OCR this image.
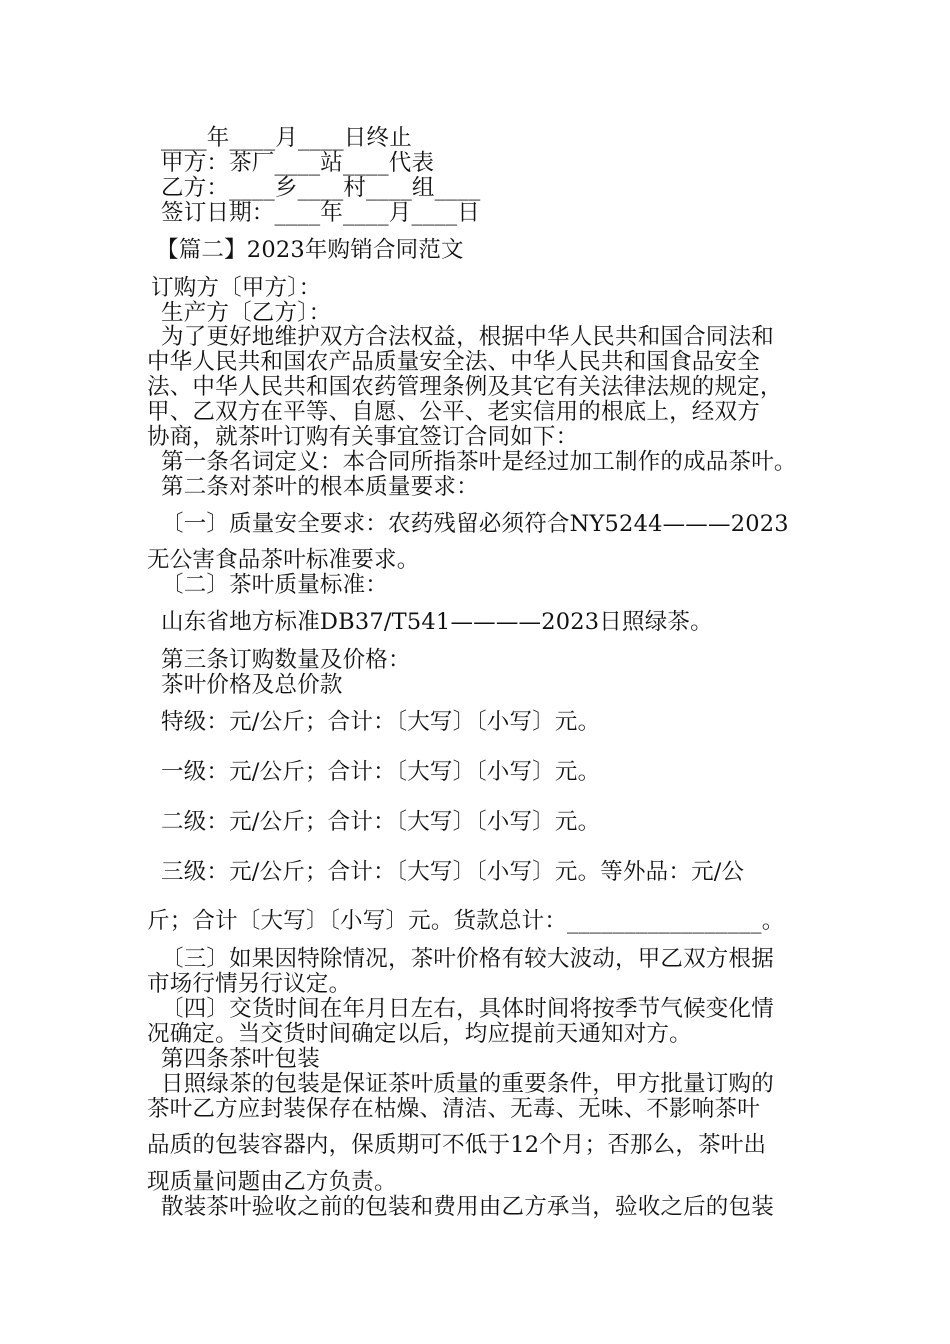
____年____月____日终止

甲方：茶厂____站____代表

乙方：____乡____村____组____

签订日期：____年____月____日

【篇二】2023年购销合同范文

订购方〔甲方〕：

生产方〔乙方〕：

为了更好地维护双方合法权益，根据中华人民共和国合同法和

中华人民共和国农产品质量安全法、中华人民共和国食品安全

法、中华人民共和国农药管理条例及其它有关法律法规的规定，

甲、乙双方在平等、自愿、公平、老实信用的根底上，经双方

协商，就茶叶订购有关事宜签订合同如下：

第一条名词定义：本合同所指茶叶是经过加工制作的成品茶叶。

第二条对茶叶的根本质量要求：

〔一〕质量安全要求：农药残留必须符合NY5244———2023

无公害食品茶叶标准要求。

〔二〕茶叶质量标准：

山东省地方标准DB37/T541————2023日照绿茶。

第三条订购数量及价格：

茶叶价格及总价款

特级：元/公斤；合计：〔大写〕〔小写〕元。

一级：元/公斤；合计：〔大写〕〔小写〕元。

二级：元/公斤；合计：〔大写〕〔小写〕元。

三级：元/公斤；合计：〔大写〕〔小写〕元。等外品：元/公

斤；合计〔大写〕〔小写〕元。货款总计：_________________。

〔三〕如果因特除情况，茶叶价格有较大波动，甲乙双方根据

市场行情另行议定。

〔四〕交货时间在年月日左右，具体时间将按季节气候变化情

况确定。当交货时间确定以后，均应提前天通知对方。

第四条茶叶包装

日照绿茶的包装是保证茶叶质量的重要条件，甲方批量订购的

茶叶乙方应封装保存在枯燥、清洁、无毒、无味、不影响茶叶

品质的包装容器内，保质期可不低于12个月；否那么，茶叶出

现质量问题由乙方负责。

散装茶叶验收之前的包装和费用由乙方承当，验收之后的包装
